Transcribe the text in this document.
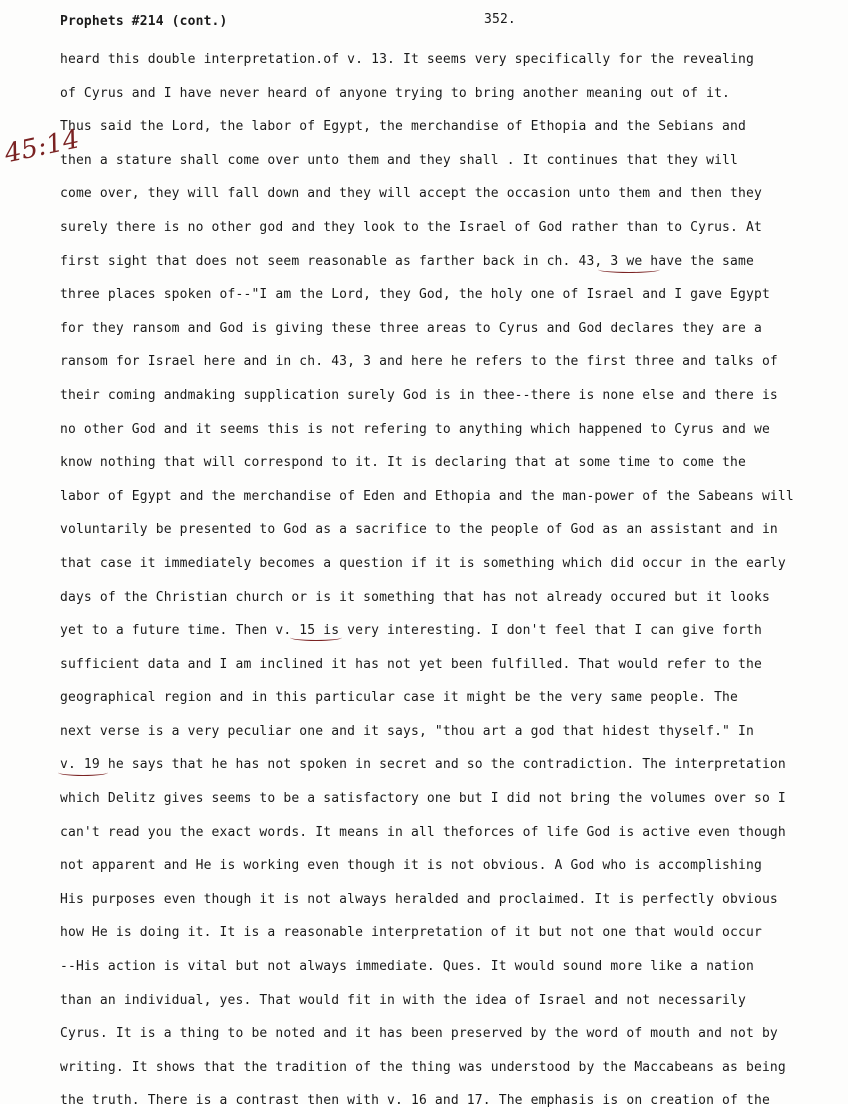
Prophets #214 (cont.)	352.
45:14
heard this double interpretation.of v. 13. It seems very specifically for the revealing
of Cyrus and I have never heard of anyone trying to bring another meaning out of it.
Thus said the Lord, the labor of Egypt, the merchandise of Ethopia and the Sebians and
then a stature shall come over unto them and they shall . It continues that they will
come over, they will fall down and they will accept the occasion unto them and then they
surely there is no other god and they look to the Israel of God rather than to Cyrus. At
first sight that does not seem reasonable as farther back in ch. 43, 3 we have the same
three places spoken of--"I am the Lord, they God, the holy one of Israel and I gave Egypt
for they ransom and God is giving these three areas to Cyrus and God declares they are a
ransom for Israel here and in ch. 43, 3 and here he refers to the first three and talks of
their coming andmaking supplication surely God is in thee--there is none else and there is
no other God and it seems this is not refering to anything which happened to Cyrus and we
know nothing that will correspond to it. It is declaring that at some time to come the
labor of Egypt and the merchandise of Eden and Ethopia and the man-power of the Sabeans will
voluntarily be presented to God as a sacrifice to the people of God as an assistant and in
that case it immediately becomes a question if it is something which did occur in the early
days of the Christian church or is it something that has not already occured but it looks
yet to a future time. Then v. 15 is very interesting. I don't feel that I can give forth
sufficient data and I am inclined it has not yet been fulfilled. That would refer to the
geographical region and in this particular case it might be the very same people. The
next verse is a very peculiar one and it says, "thou art a god that hidest thyself." In
v. 19 he says that he has not spoken in secret and so the contradiction. The interpretation
which Delitz gives seems to be a satisfactory one but I did not bring the volumes over so I
can't read you the exact words. It means in all theforces of life God is active even though
not apparent and He is working even though it is not obvious. A God who is accomplishing
His purposes even though it is not always heralded and proclaimed. It is perfectly obvious
how He is doing it. It is a reasonable interpretation of it but not one that would occur
--His action is vital but not always immediate. Ques. It would sound more like a nation
than an individual, yes. That would fit in with the idea of Israel and not necessarily
Cyrus. It is a thing to be noted and it has been preserved by the word of mouth and not by
writing. It shows that the tradition of the thing was understood by the Maccabeans as being
the truth. There is a contrast then with v. 16 and 17. The emphasis is on creation of the
